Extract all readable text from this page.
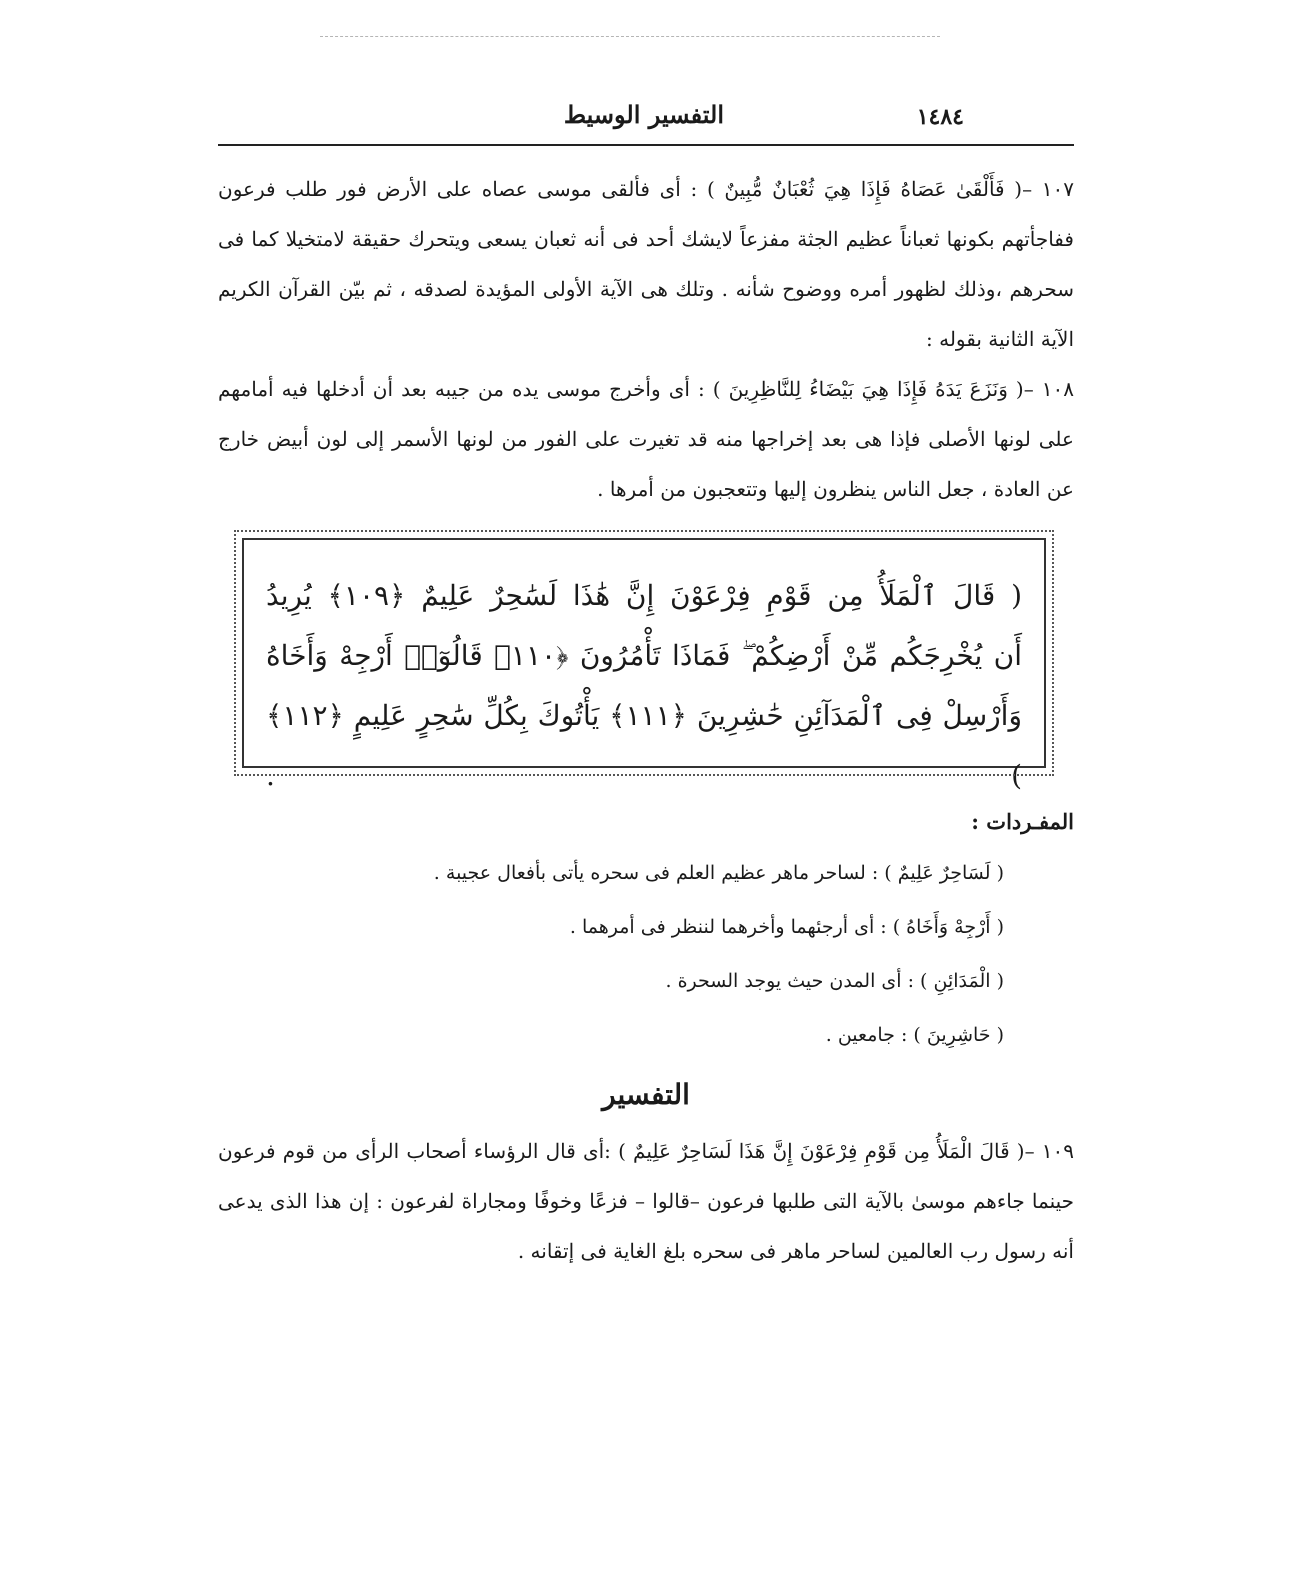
١٤٨٤
التفسير الوسيط

١٠٧ –( فَأَلْقَىٰ عَصَاهُ فَإِذَا هِيَ ثُعْبَانٌ مُّبِينٌ ) : أى فألقى موسى عصاه على الأرض فور طلب فرعون ففاجأتهم بكونها ثعباناً عظيم الجثة مفزعاً لايشك أحد فى أنه ثعبان يسعى ويتحرك حقيقة لامتخيلا كما فى سحرهم ،وذلك لظهور أمره ووضوح شأنه . وتلك هى الآية الأولى المؤيدة لصدقه ، ثم بيّن القرآن الكريم الآية الثانية بقوله :

١٠٨ –( وَنَزَعَ يَدَهُ فَإِذَا هِيَ بَيْضَاءُ لِلنَّاظِرِينَ ) : أى وأخرج موسى يده من جيبه بعد أن أدخلها فيه أمامهم على لونها الأصلى فإذا هى بعد إخراجها منه قد تغيرت على الفور من لونها الأسمر إلى لون أبيض خارج عن العادة ، جعل الناس ينظرون إليها وتتعجبون من أمرها .

( قَالَ ٱلْمَلَأُ مِن قَوْمِ فِرْعَوْنَ إِنَّ هَٰذَا لَسَٰحِرٌ عَلِيمٌ ﴿١٠٩﴾ يُرِيدُ
أَن يُخْرِجَكُم مِّنْ أَرْضِكُمْ ۖ فَمَاذَا تَأْمُرُونَ ﴿١١٠﴾ قَالُوٓا۟ أَرْجِهْ وَأَخَاهُ
وَأَرْسِلْ فِى ٱلْمَدَآئِنِ حَٰشِرِينَ ﴿١١١﴾ يَأْتُوكَ بِكُلِّ سَٰحِرٍ عَلِيمٍ ﴿١١٢﴾ ) .
المفـردات :
( لَسَاحِرٌ عَلِيمٌ ) : لساحر ماهر عظيم العلم فى سحره يأتى بأفعال عجيبة .
( أَرْجِهْ وَأَخَاهُ ) : أى أرجئهما وأخرهما لننظر فى أمرهما .
( الْمَدَائِنِ ) : أى المدن حيث يوجد السحرة .
( حَاشِرِينَ ) : جامعين .
التفسير

١٠٩ –( قَالَ الْمَلَأُ مِن قَوْمِ فِرْعَوْنَ إِنَّ هَذَا لَسَاحِرٌ عَلِيمٌ ) :أى قال الرؤساء أصحاب الرأى من قوم فرعون حينما جاءهم موسىٰ بالآية التى طلبها فرعون –قالوا – فزعًا وخوفًا ومجاراة لفرعون : إن هذا الذى يدعى أنه رسول رب العالمين لساحر ماهر فى سحره بلغ الغاية فى إتقانه .
